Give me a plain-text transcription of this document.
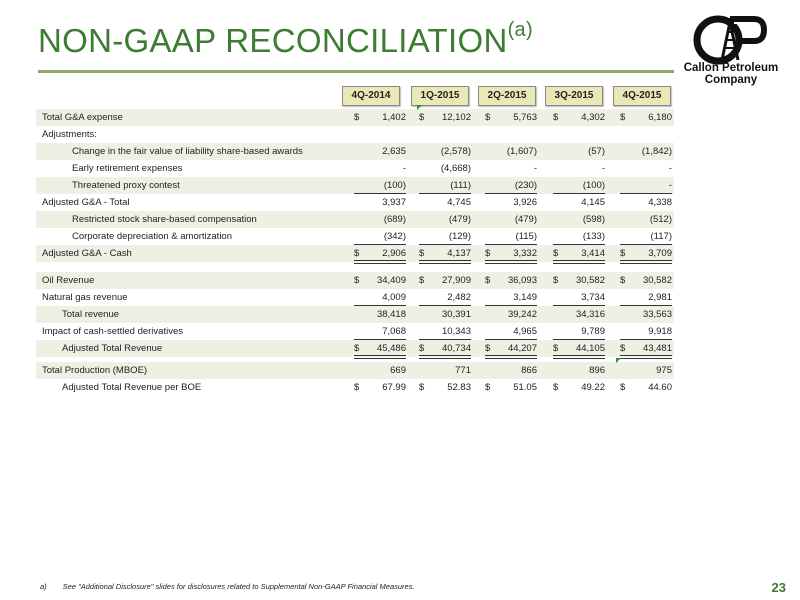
NON-GAAP RECONCILIATION$^{(a)}$
Callon Petroleum
Company
4Q-2014	1Q-2015	2Q-2015	3Q-2015	4Q-2015
Total G&A expense	$ 1,402 $ 12,102 $ 5,763 $ 4,302 $ 6,180
Adjustments:
Change in the fair value of liability share-based awards	2,635	(2,578)	(1,607)	(57)	(1,842)
Early retirement expenses	-	(4,668)	-	-	-
Threatened proxy contest	(100)	(111)	(230)	(100)	-
Adjusted G&A - Total	3,937	4,745	3,926	4,145	4,338
Restricted stock share-based compensation	(689)	(479)	(479)	(598)	(512)
Corporate depreciation & amortization	(342)	(129)	(115)	(133)	(117)
Adjusted G&A - Cash	$ 2,906 $ 4,137 $ 3,332 $ 3,414 $ 3,709
Oil Revenue	$ 34,409 $ 27,909 $ 36,093 $ 30,582 $ 30,582
Natural gas revenue	4,009	2,482	3,149	3,734	2,981
Total revenue	38,418	30,391	39,242	34,316	33,563
Impact of cash-settled derivatives	7,068	10,343	4,965	9,789	9,918
Adjusted Total Revenue	$ 45,486 $ 40,734 $ 44,207 $ 44,105 $ 43,481
Total Production (MBOE)	669	771	866	896	975
Adjusted Total Revenue per BOE	$ 67.99 $ 52.83 $ 51.05 $ 49.22 $ 44.60
a) See "Additional Disclosure" slides for disclosures related to Supplemental Non-GAAP Financial Measures.	23
